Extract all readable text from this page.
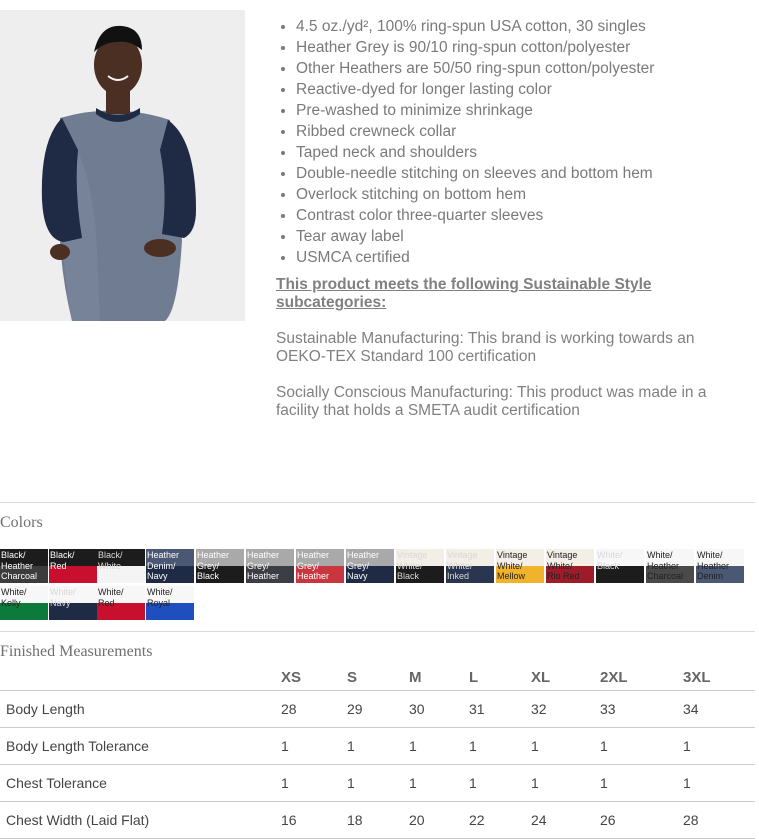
• 4.5 oz./yd², 100% ring-spun USA cotton, 30 singles
• Heather Grey is 90/10 ring-spun cotton/polyester
• Other Heathers are 50/50 ring-spun cotton/polyester
• Reactive-dyed for longer lasting color
• Pre-washed to minimize shrinkage
• Ribbed crewneck collar
• Taped neck and shoulders
• Double-needle stitching on sleeves and bottom hem
• Overlock stitching on bottom hem
• Contrast color three-quarter sleeves
• Tear away label
• USMCA certified
This product meets the following Sustainable Style subcategories:

Sustainable Manufacturing: This brand is working towards an OEKO-TEX Standard 100 certification

Socially Conscious Manufacturing: This product was made in a facility that holds a SMETA audit certification

Colors
Black/
Heather
Charcoal
Black/
Red
Black/
White
Heather
Denim/
Navy
Heather
Grey/
Black
Heather
Grey/
Heather
Heather
Grey/
Heather
Heather
Grey/
Navy
Vintage
White/
Black
Vintage
White/
Inked
Vintage
White/
Mellow
Vintage
White/
Rio Red
White/
Black
White/
Heather
Charcoal
White/
Heather
Denim
White/
Kelly
White/
Navy
White/
Red
White/
Royal
Finished Measurements
	XS	S	M	L	XL	2XL	3XL
Body Length	28	29	30	31	32	33	34
Body Length Tolerance	1	1	1	1	1	1	1
Chest Tolerance	1	1	1	1	1	1	1
Chest Width (Laid Flat)	16	18	20	22	24	26	28
